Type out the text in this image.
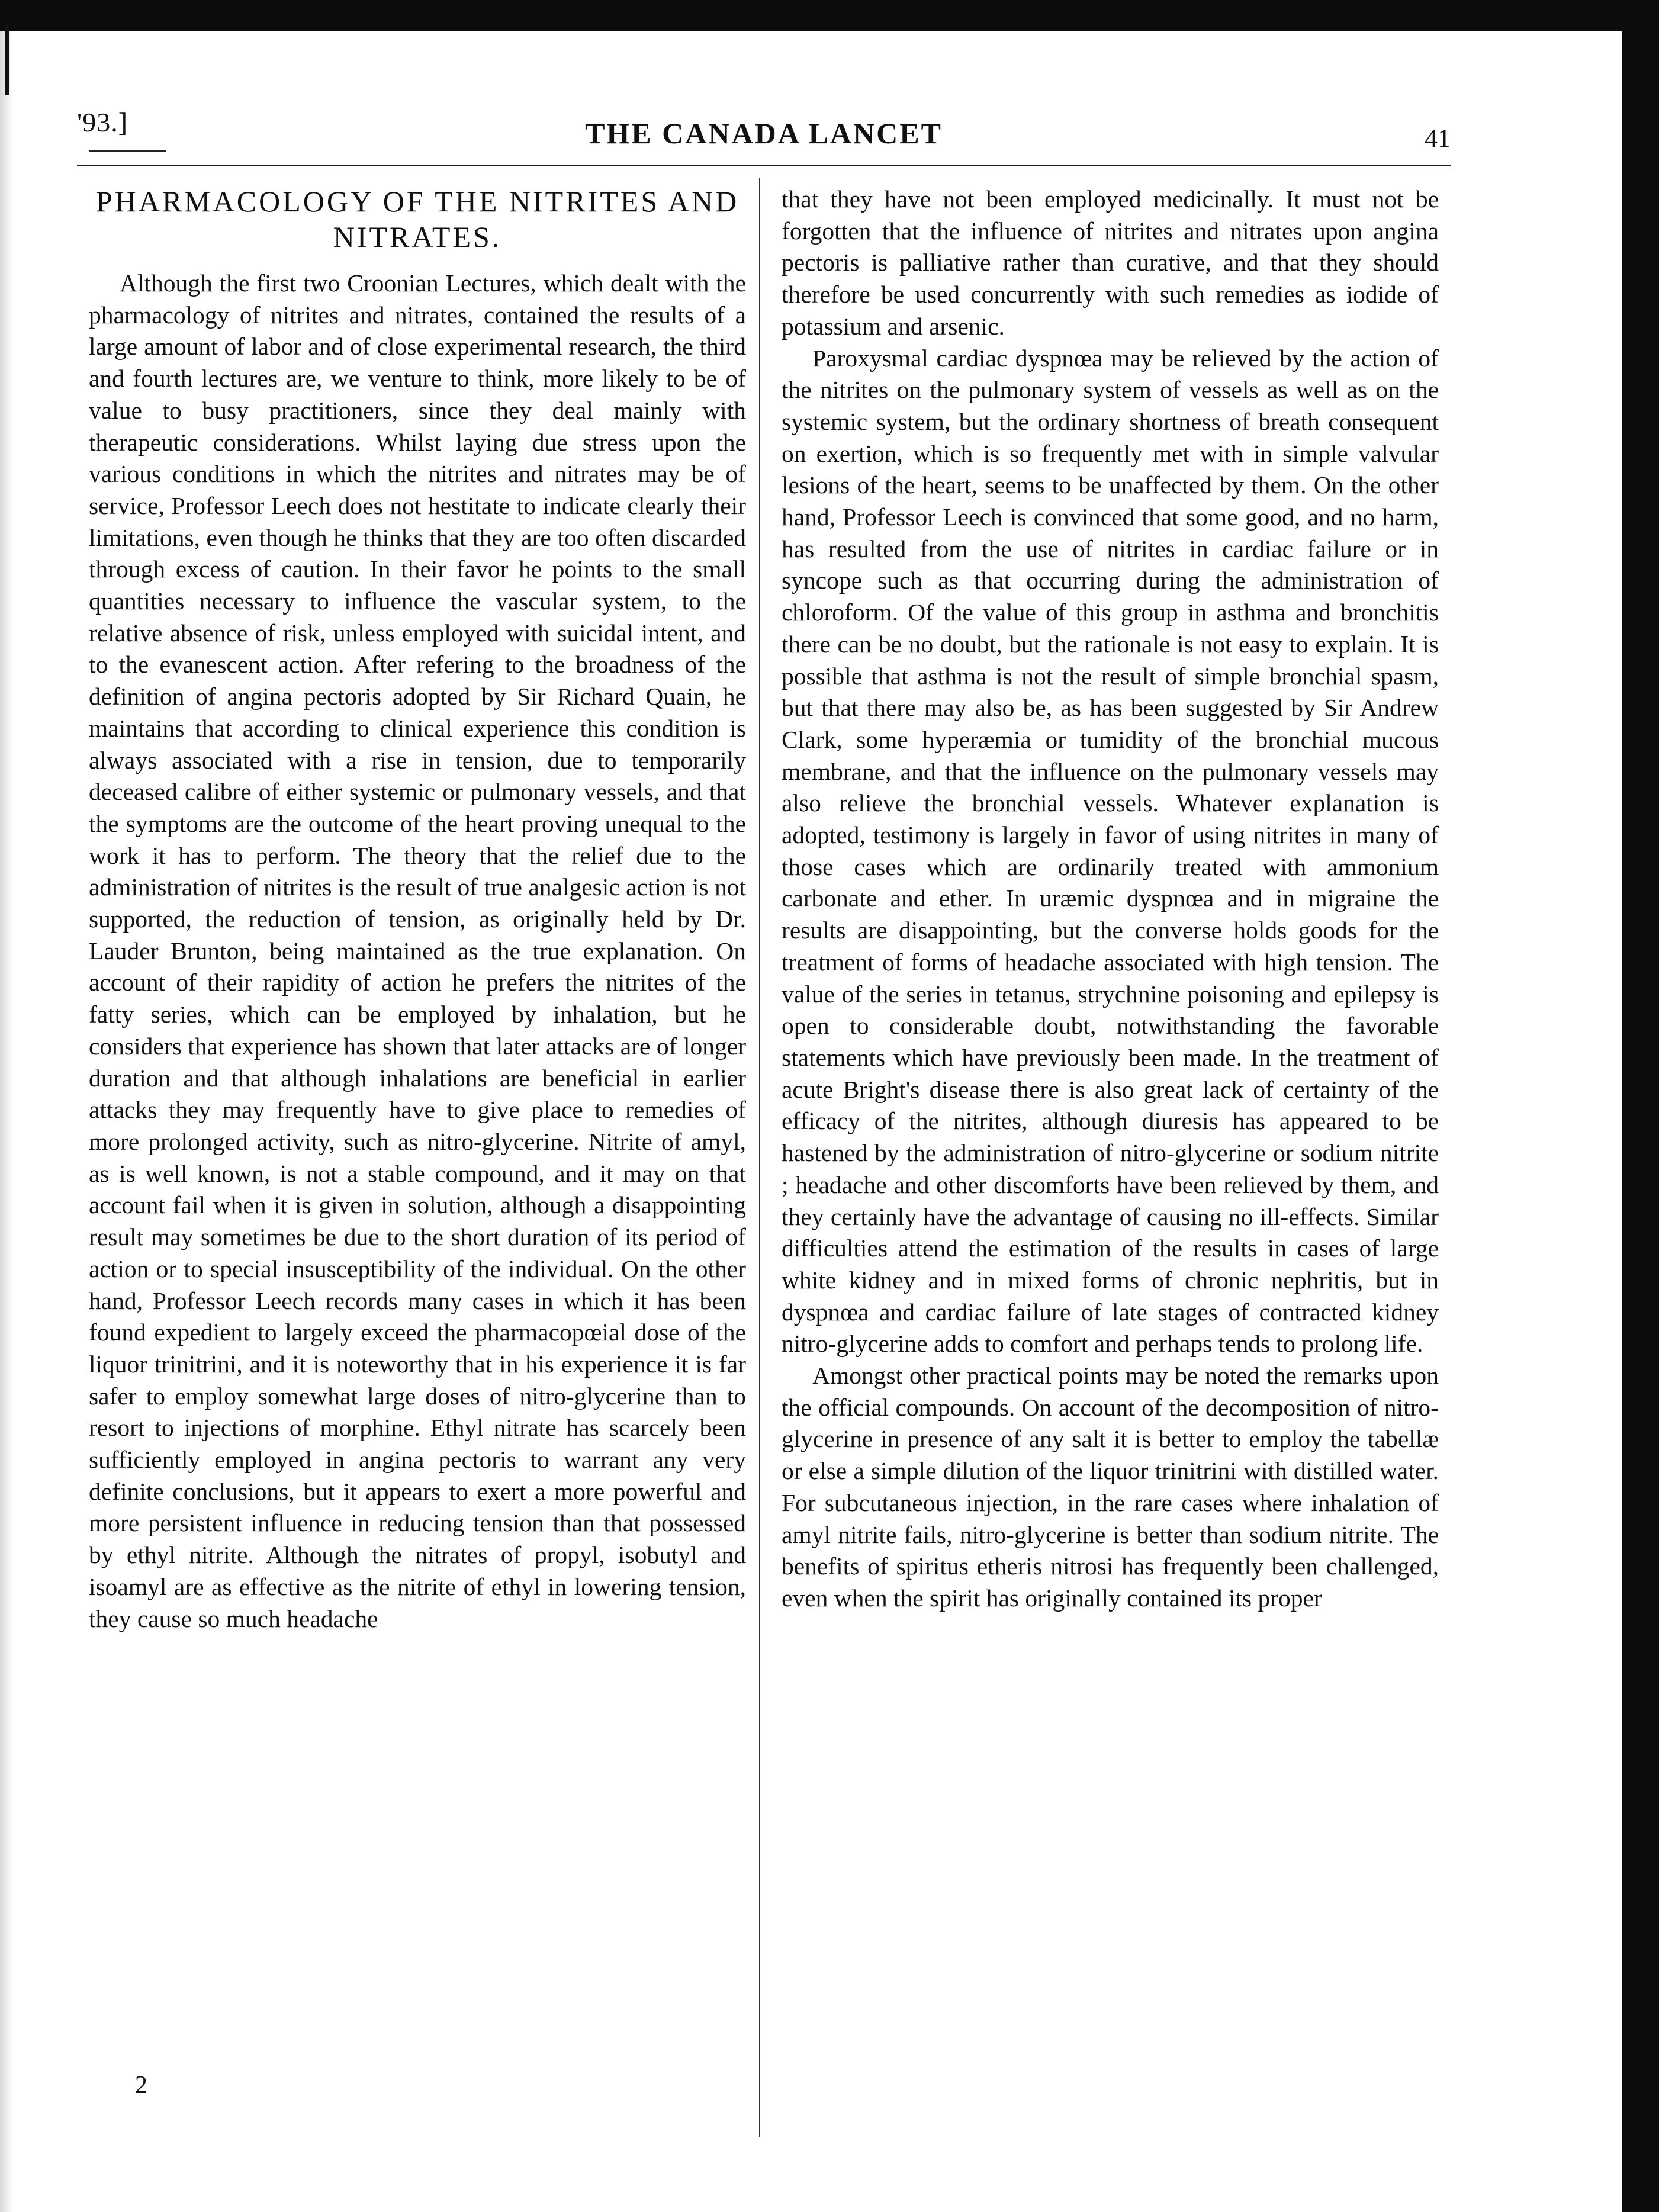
'93.]	THE CANADA LANCET	41
PHARMACOLOGY OF THE NITRITES AND NITRATES.

Although the first two Croonian Lectures, which dealt with the pharmacology of nitrites and nitrates, contained the results of a large amount of labor and of close experimental research, the third and fourth lectures are, we venture to think, more likely to be of value to busy practitioners, since they deal mainly with therapeutic considerations. Whilst laying due stress upon the various conditions in which the nitrites and nitrates may be of service, Professor Leech does not hestitate to indicate clearly their limitations, even though he thinks that they are too often discarded through excess of caution. In their favor he points to the small quantities necessary to influence the vascular system, to the relative absence of risk, unless employed with suicidal intent, and to the evanescent action. After refering to the broadness of the definition of angina pectoris adopted by Sir Richard Quain, he maintains that according to clinical experience this condition is always associated with a rise in tension, due to temporarily deceased calibre of either systemic or pulmonary vessels, and that the symptoms are the outcome of the heart proving unequal to the work it has to perform. The theory that the relief due to the administration of nitrites is the result of true analgesic action is not supported, the reduction of tension, as originally held by Dr. Lauder Brunton, being maintained as the true explanation. On account of their rapidity of action he prefers the nitrites of the fatty series, which can be employed by inhalation, but he considers that experience has shown that later attacks are of longer duration and that although inhalations are beneficial in earlier attacks they may frequently have to give place to remedies of more prolonged activity, such as nitro-glycerine. Nitrite of amyl, as is well known, is not a stable compound, and it may on that account fail when it is given in solution, although a disappointing result may sometimes be due to the short duration of its period of action or to special insusceptibility of the individual. On the other hand, Professor Leech records many cases in which it has been found expedient to largely exceed the pharmacopœial dose of the liquor trinitrini, and it is noteworthy that in his experience it is far safer to employ somewhat large doses of nitro-glycerine than to resort to injections of morphine. Ethyl nitrate has scarcely been sufficiently employed in angina pectoris to warrant any very definite conclusions, but it appears to exert a more powerful and more persistent influence in reducing tension than that possessed by ethyl nitrite. Although the nitrates of propyl, isobutyl and isoamyl are as effective as the nitrite of ethyl in lowering tension, they cause so much headache

that they have not been employed medicinally. It must not be forgotten that the influence of nitrites and nitrates upon angina pectoris is palliative rather than curative, and that they should therefore be used concurrently with such remedies as iodide of potassium and arsenic.

Paroxysmal cardiac dyspnœa may be relieved by the action of the nitrites on the pulmonary system of vessels as well as on the systemic system, but the ordinary shortness of breath consequent on exertion, which is so frequently met with in simple valvular lesions of the heart, seems to be unaffected by them. On the other hand, Professor Leech is convinced that some good, and no harm, has resulted from the use of nitrites in cardiac failure or in syncope such as that occurring during the administration of chloroform. Of the value of this group in asthma and bronchitis there can be no doubt, but the rationale is not easy to explain. It is possible that asthma is not the result of simple bronchial spasm, but that there may also be, as has been suggested by Sir Andrew Clark, some hyperæmia or tumidity of the bronchial mucous membrane, and that the influence on the pulmonary vessels may also relieve the bronchial vessels. Whatever explanation is adopted, testimony is largely in favor of using nitrites in many of those cases which are ordinarily treated with ammonium carbonate and ether. In uræmic dyspnœa and in migraine the results are disappointing, but the converse holds goods for the treatment of forms of headache associated with high tension. The value of the series in tetanus, strychnine poisoning and epilepsy is open to considerable doubt, notwithstanding the favorable statements which have previously been made. In the treatment of acute Bright's disease there is also great lack of certainty of the efficacy of the nitrites, although diuresis has appeared to be hastened by the administration of nitro-glycerine or sodium nitrite ; headache and other discomforts have been relieved by them, and they certainly have the advantage of causing no ill-effects. Similar difficulties attend the estimation of the results in cases of large white kidney and in mixed forms of chronic nephritis, but in dyspnœa and cardiac failure of late stages of contracted kidney nitro-glycerine adds to comfort and perhaps tends to prolong life.

Amongst other practical points may be noted the remarks upon the official compounds. On account of the decomposition of nitro-glycerine in presence of any salt it is better to employ the tabellæ or else a simple dilution of the liquor trinitrini with distilled water. For subcutaneous injection, in the rare cases where inhalation of amyl nitrite fails, nitro-glycerine is better than sodium nitrite. The benefits of spiritus etheris nitrosi has frequently been challenged, even when the spirit has originally contained its proper

2
